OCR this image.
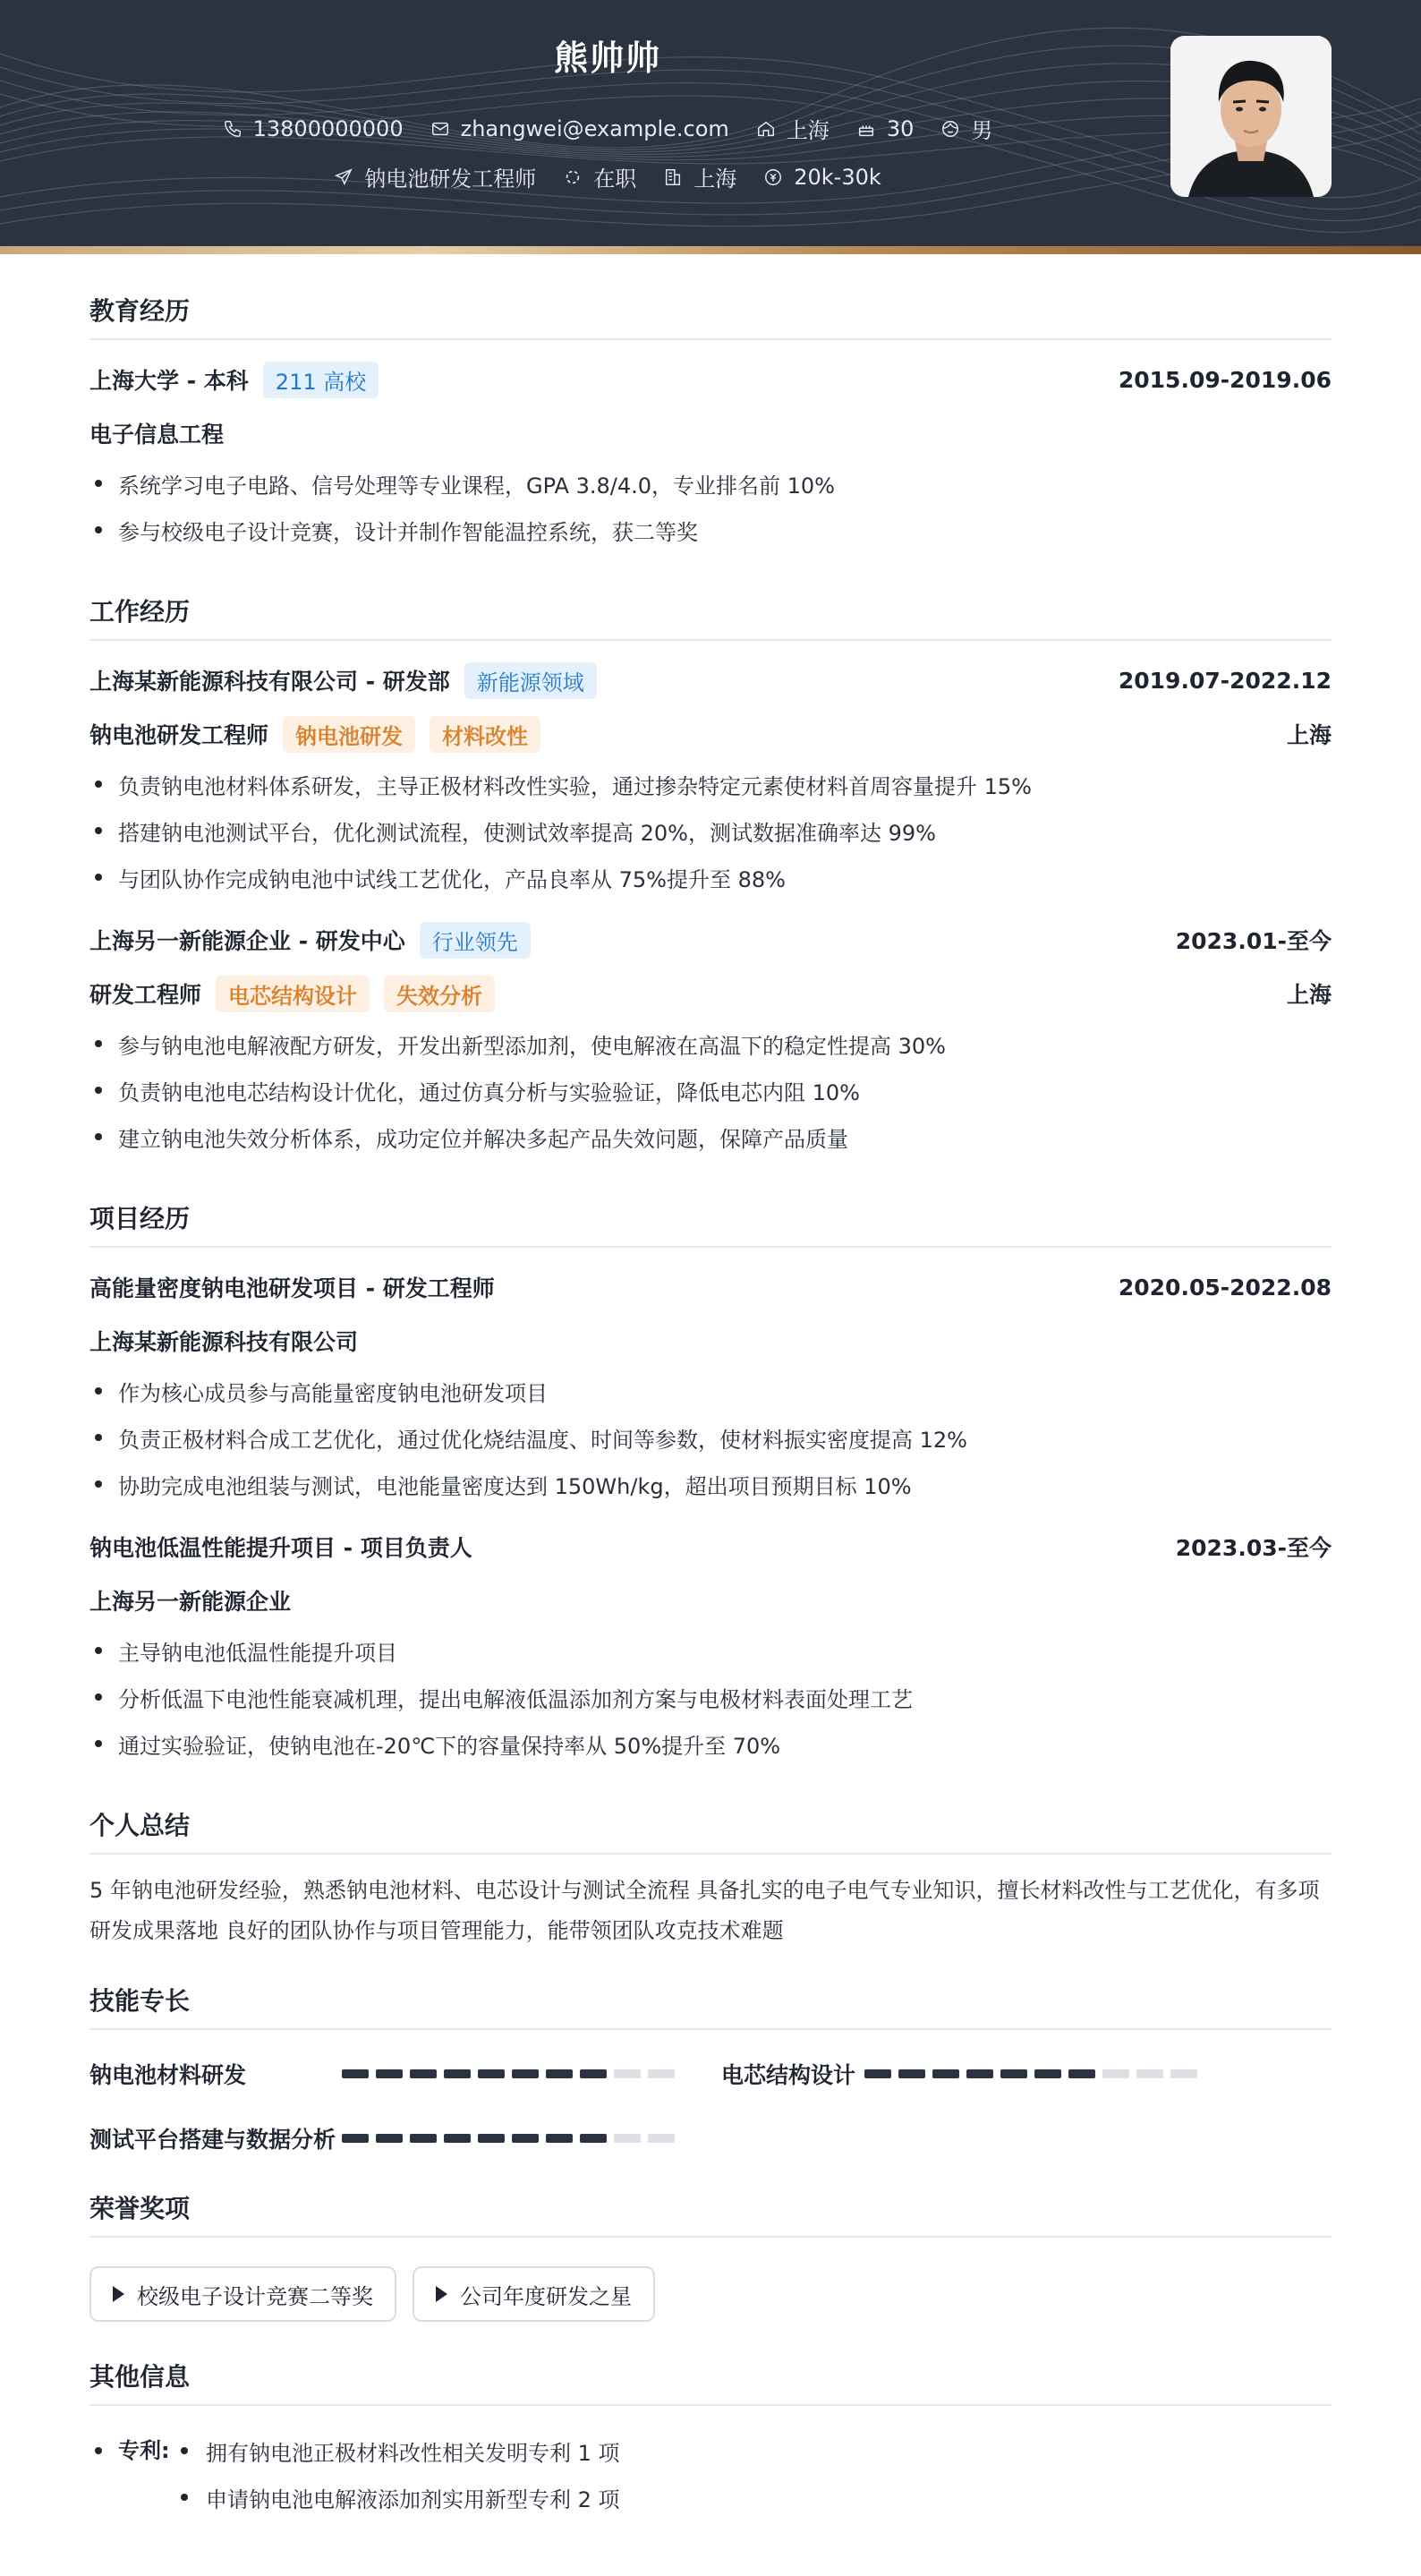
熊帅帅
13800000000	zhangwei@example.com	上海	30	男
钠电池研发工程师	在职	上海	20k-30k
教育经历
上海大学 - 本科	211 高校	2015.09-2019.06
电子信息工程
系统学习电子电路、信号处理等专业课程，GPA 3.8/4.0，专业排名前 10%
参与校级电子设计竞赛，设计并制作智能温控系统，获二等奖
工作经历
上海某新能源科技有限公司 - 研发部	新能源领域	2019.07-2022.12
钠电池研发工程师	钠电池研发	材料改性	上海
负责钠电池材料体系研发，主导正极材料改性实验，通过掺杂特定元素使材料首周容量提升 15%
搭建钠电池测试平台，优化测试流程，使测试效率提高 20%，测试数据准确率达 99%
与团队协作完成钠电池中试线工艺优化，产品良率从 75%提升至 88%
上海另一新能源企业 - 研发中心	行业领先	2023.01-至今
研发工程师	电芯结构设计	失效分析	上海
参与钠电池电解液配方研发，开发出新型添加剂，使电解液在高温下的稳定性提高 30%
负责钠电池电芯结构设计优化，通过仿真分析与实验验证，降低电芯内阻 10%
建立钠电池失效分析体系，成功定位并解决多起产品失效问题，保障产品质量
项目经历
高能量密度钠电池研发项目 - 研发工程师	2020.05-2022.08
上海某新能源科技有限公司
作为核心成员参与高能量密度钠电池研发项目
负责正极材料合成工艺优化，通过优化烧结温度、时间等参数，使材料振实密度提高 12%
协助完成电池组装与测试，电池能量密度达到 150Wh/kg，超出项目预期目标 10%
钠电池低温性能提升项目 - 项目负责人	2023.03-至今
上海另一新能源企业
主导钠电池低温性能提升项目
分析低温下电池性能衰减机理，提出电解液低温添加剂方案与电极材料表面处理工艺
通过实验验证，使钠电池在-20℃下的容量保持率从 50%提升至 70%
个人总结
5 年钠电池研发经验，熟悉钠电池材料、电芯设计与测试全流程 具备扎实的电子电气专业知识，擅长材料改性与工艺优化，有多项研发成果落地 良好的团队协作与项目管理能力，能带领团队攻克技术难题
技能专长
钠电池材料研发	电芯结构设计
测试平台搭建与数据分析
荣誉奖项
校级电子设计竞赛二等奖	公司年度研发之星
其他信息
专利:	拥有钠电池正极材料改性相关发明专利 1 项
申请钠电池电解液添加剂实用新型专利 2 项
